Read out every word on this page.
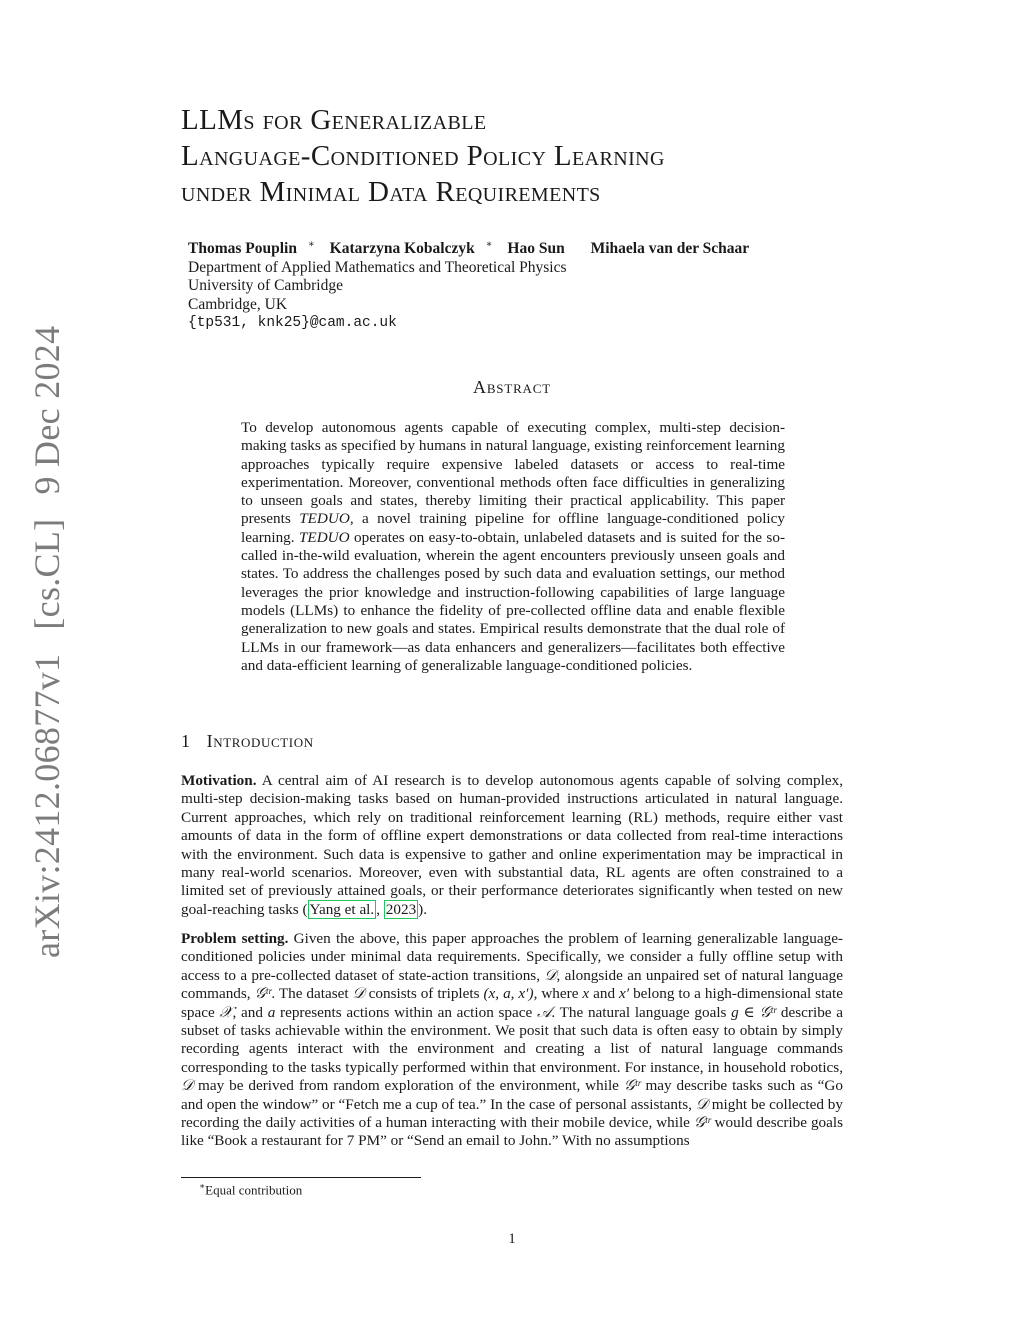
arXiv:2412.06877v1[cs.CL]9 Dec 2024
LLMs for Generalizable
Language-Conditioned Policy Learning
under Minimal Data Requirements
Thomas Pouplin ∗ Katarzyna Kobalczyk ∗ Hao Sun Mihaela van der Schaar
Department of Applied Mathematics and Theoretical Physics
University of Cambridge
Cambridge, UK
{tp531, knk25}@cam.ac.uk
Abstract

To develop autonomous agents capable of executing complex, multi-step decision-making tasks as specified by humans in natural language, existing reinforcement learning approaches typically require expensive labeled datasets or access to real-time experimentation. Moreover, conventional methods often face difficulties in generalizing to unseen goals and states, thereby limiting their practical applicability. This paper presents TEDUO, a novel training pipeline for offline language-conditioned policy learning. TEDUO operates on easy-to-obtain, unlabeled datasets and is suited for the so-called in-the-wild evaluation, wherein the agent encounters previously unseen goals and states. To address the challenges posed by such data and evaluation settings, our method leverages the prior knowledge and instruction-following capabilities of large language models (LLMs) to enhance the fidelity of pre-collected offline data and enable flexible generalization to new goals and states. Empirical results demonstrate that the dual role of LLMs in our framework—as data enhancers and generalizers—facilitates both effective and data-efficient learning of generalizable language-conditioned policies.

1 Introduction

Motivation. A central aim of AI research is to develop autonomous agents capable of solving complex, multi-step decision-making tasks based on human-provided instructions articulated in natural language. Current approaches, which rely on traditional reinforcement learning (RL) methods, require either vast amounts of data in the form of offline expert demonstrations or data collected from real-time interactions with the environment. Such data is expensive to gather and online experimentation may be impractical in many real-world scenarios. Moreover, even with substantial data, RL agents are often constrained to a limited set of previously attained goals, or their performance deteriorates significantly when tested on new goal-reaching tasks ( Yang et al. , 2023 ).

Problem setting. Given the above, this paper approaches the problem of learning generalizable language-conditioned policies under minimal data requirements. Specifically, we consider a fully offline setup with access to a pre-collected dataset of state-action transitions, 𝒟, alongside an unpaired set of natural language commands, 𝒢ᵗʳ. The dataset 𝒟 consists of triplets (x, a, x′), where x and x′ belong to a high-dimensional state space 𝒳, and a represents actions within an action space 𝒜. The natural language goals g ∈ 𝒢ᵗʳ describe a subset of tasks achievable within the environment. We posit that such data is often easy to obtain by simply recording agents interact with the environment and creating a list of natural language commands corresponding to the tasks typically performed within that environment. For instance, in household robotics, 𝒟 may be derived from random exploration of the environment, while 𝒢ᵗʳ may describe tasks such as “Go and open the window” or “Fetch me a cup of tea.” In the case of personal assistants, 𝒟 might be collected by recording the daily activities of a human interacting with their mobile device, while 𝒢ᵗʳ would describe goals like “Book a restaurant for 7 PM” or “Send an email to John.” With no assumptions

∗Equal contribution
1
